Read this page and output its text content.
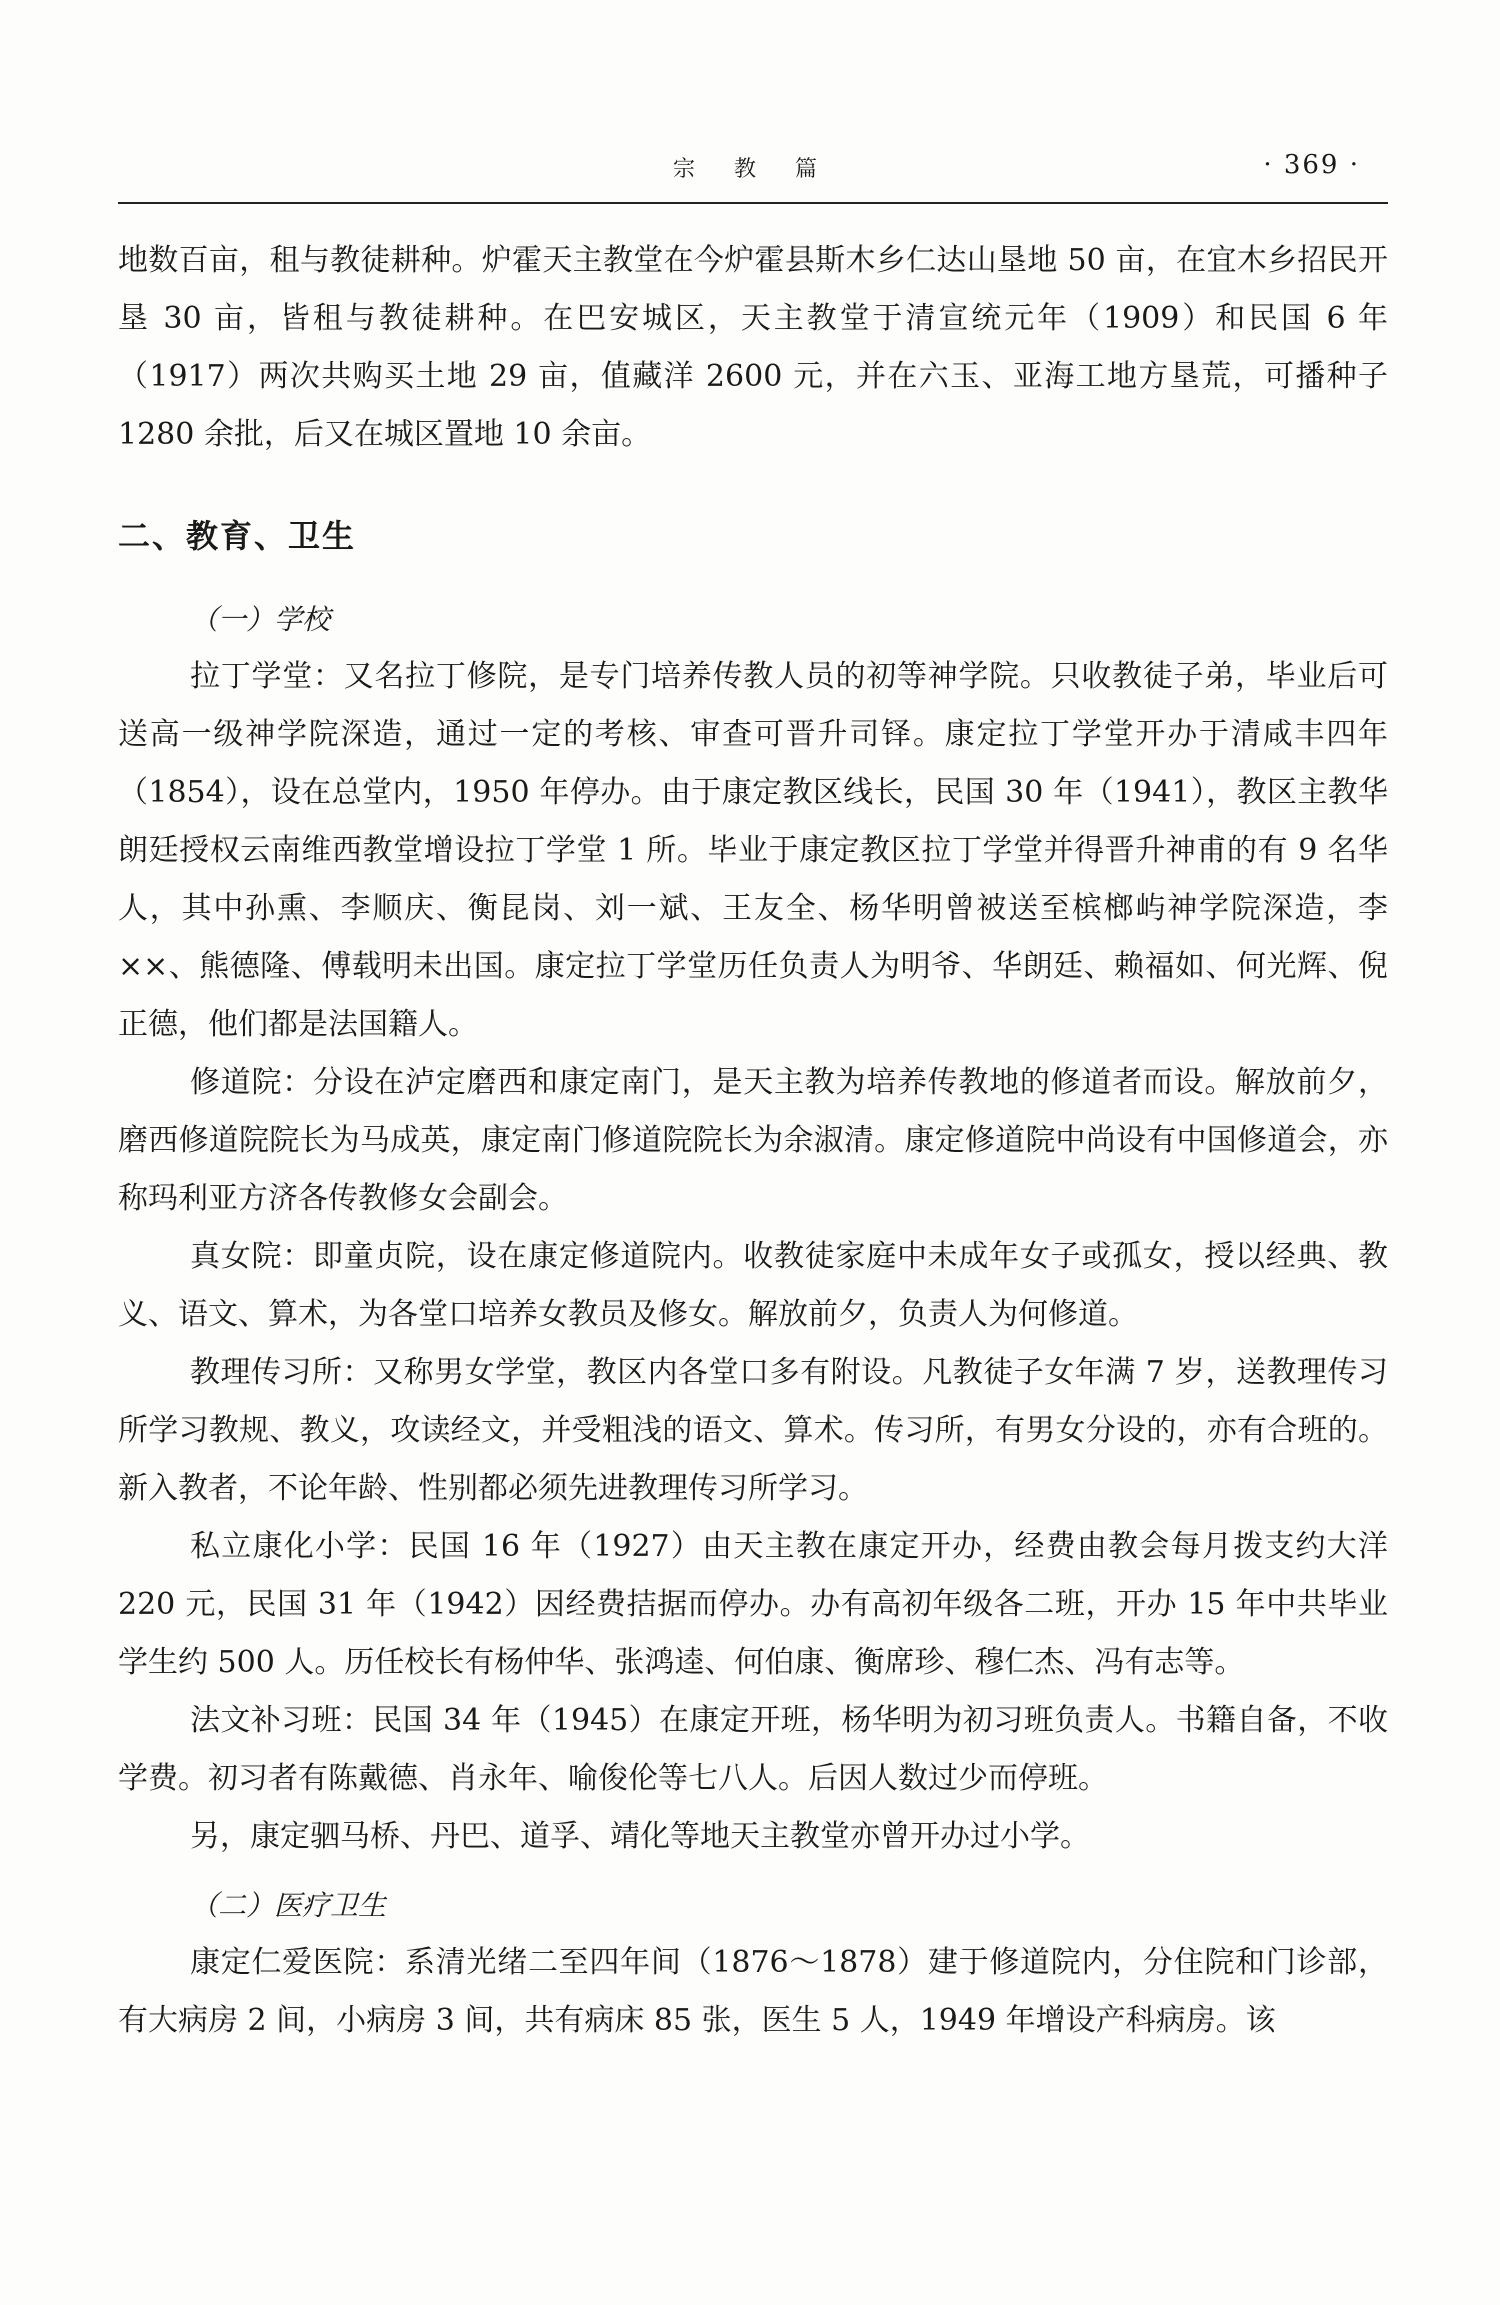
宗 教 篇	· 369 ·

地数百亩，租与教徒耕种。炉霍天主教堂在今炉霍县斯木乡仁达山垦地 50 亩，在宜木乡招民开垦 30 亩，皆租与教徒耕种。在巴安城区，天主教堂于清宣统元年（1909）和民国 6 年（1917）两次共购买土地 29 亩，值藏洋 2600 元，并在六玉、亚海工地方垦荒，可播种子 1280 余批，后又在城区置地 10 余亩。

二、教育、卫生
（一）学校

拉丁学堂：又名拉丁修院，是专门培养传教人员的初等神学院。只收教徒子弟，毕业后可送高一级神学院深造，通过一定的考核、审查可晋升司铎。康定拉丁学堂开办于清咸丰四年（1854），设在总堂内，1950 年停办。由于康定教区线长，民国 30 年（1941），教区主教华朗廷授权云南维西教堂增设拉丁学堂 1 所。毕业于康定教区拉丁学堂并得晋升神甫的有 9 名华人，其中孙熏、李顺庆、衡昆岗、刘一斌、王友全、杨华明曾被送至槟榔屿神学院深造，李××、熊德隆、傅载明未出国。康定拉丁学堂历任负责人为明爷、华朗廷、赖福如、何光辉、倪正德，他们都是法国籍人。

修道院：分设在泸定磨西和康定南门，是天主教为培养传教地的修道者而设。解放前夕，磨西修道院院长为马成英，康定南门修道院院长为余淑清。康定修道院中尚设有中国修道会，亦称玛利亚方济各传教修女会副会。

真女院：即童贞院，设在康定修道院内。收教徒家庭中未成年女子或孤女，授以经典、教义、语文、算术，为各堂口培养女教员及修女。解放前夕，负责人为何修道。

教理传习所：又称男女学堂，教区内各堂口多有附设。凡教徒子女年满 7 岁，送教理传习所学习教规、教义，攻读经文，并受粗浅的语文、算术。传习所，有男女分设的，亦有合班的。新入教者，不论年龄、性别都必须先进教理传习所学习。

私立康化小学：民国 16 年（1927）由天主教在康定开办，经费由教会每月拨支约大洋 220 元，民国 31 年（1942）因经费拮据而停办。办有高初年级各二班，开办 15 年中共毕业学生约 500 人。历任校长有杨仲华、张鸿逵、何伯康、衡席珍、穆仁杰、冯有志等。

法文补习班：民国 34 年（1945）在康定开班，杨华明为初习班负责人。书籍自备，不收学费。初习者有陈戴德、肖永年、喻俊伦等七八人。后因人数过少而停班。

另，康定驷马桥、丹巴、道孚、靖化等地天主教堂亦曾开办过小学。

（二）医疗卫生

康定仁爱医院：系清光绪二至四年间（1876～1878）建于修道院内，分住院和门诊部，有大病房 2 间，小病房 3 间，共有病床 85 张，医生 5 人，1949 年增设产科病房。该
